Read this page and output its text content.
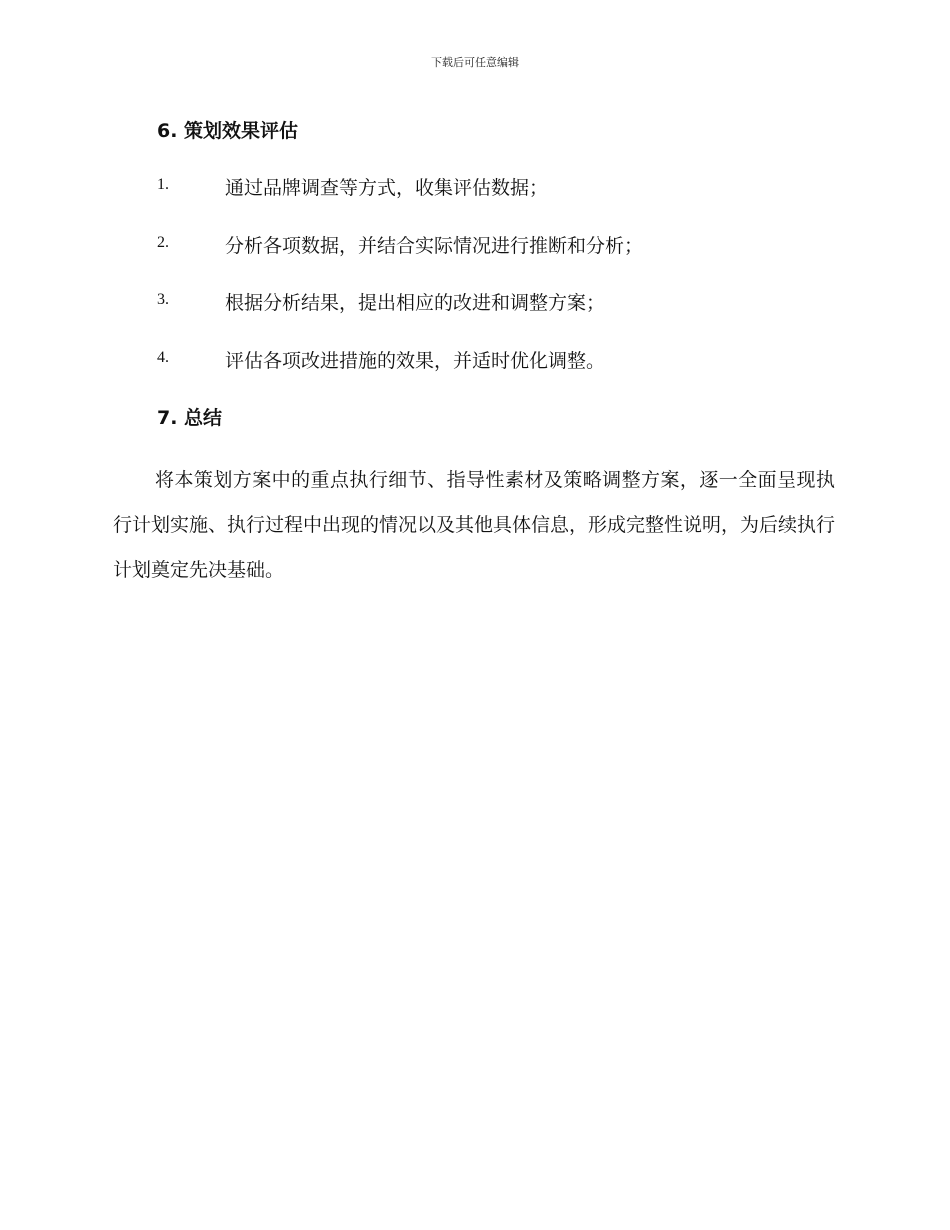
下载后可任意编辑
6. 策划效果评估
1.	通过品牌调查等方式，收集评估数据；
2.	分析各项数据，并结合实际情况进行推断和分析；
3.	根据分析结果，提出相应的改进和调整方案；
4.	评估各项改进措施的效果，并适时优化调整。
7. 总结

将本策划方案中的重点执行细节、指导性素材及策略调整方案，逐一全面呈现执行计划实施、执行过程中出现的情况以及其他具体信息，形成完整性说明，为后续执行计划奠定先决基础。
